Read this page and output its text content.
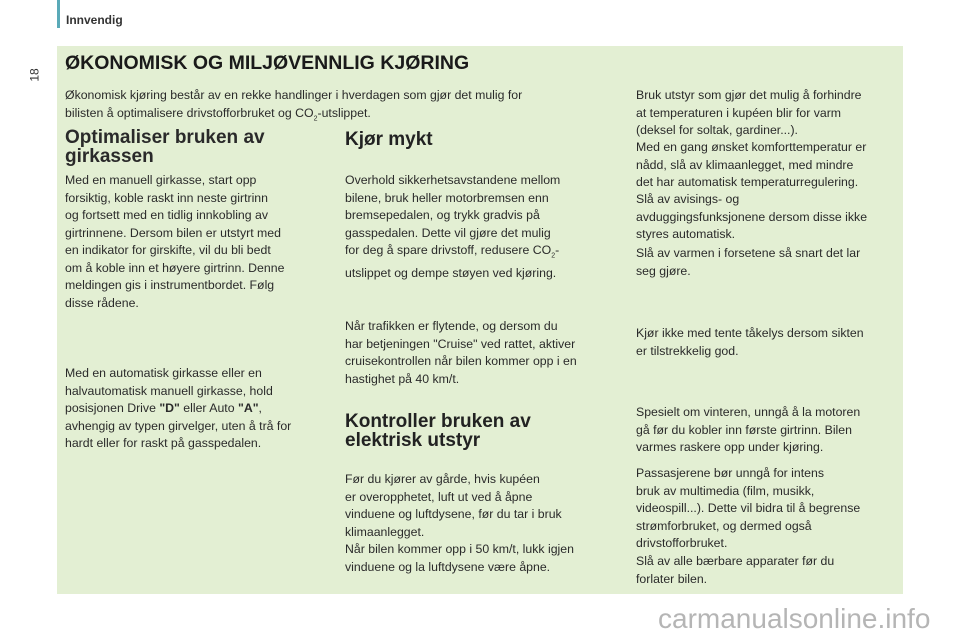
Innvendig
18
ØKONOMISK OG MILJØVENNLIG KJØRING
Økonomisk kjøring består av en rekke handlinger i hverdagen som gjør det mulig for
bilisten å optimalisere drivstofforbruket og $CO_2$-utslippet.
Optimaliser bruken av
girkassen
Med en manuell girkasse, start opp
forsiktig, koble raskt inn neste girtrinn
og fortsett med en tidlig innkobling av
girtrinnene. Dersom bilen er utstyrt med
en indikator for girskifte, vil du bli bedt
om å koble inn et høyere girtrinn. Denne
meldingen gis i instrumentbordet. Følg
disse rådene.
Med en automatisk girkasse eller en
halvautomatisk manuell girkasse, hold
posisjonen Drive "D" eller Auto "A",
avhengig av typen girvelger, uten å trå for
hardt eller for raskt på gasspedalen.
Kjør mykt
Overhold sikkerhetsavstandene mellom
bilene, bruk heller motorbremsen enn
bremsepedalen, og trykk gradvis på
gasspedalen. Dette vil gjøre det mulig
for deg å spare drivstoff, redusere $CO_2-$
utslippet og dempe støyen ved kjøring.
Når trafikken er flytende, og dersom du
har betjeningen "Cruise" ved rattet, aktiver
cruisekontrollen når bilen kommer opp i en
hastighet på 40 km/t.
Kontroller bruken av
elektrisk utstyr
Før du kjører av gårde, hvis kupéen
er overopphetet, luft ut ved å åpne
vinduene og luftdysene, før du tar i bruk
klimaanlegget.
Når bilen kommer opp i 50 km/t, lukk igjen
vinduene og la luftdysene være åpne.
Bruk utstyr som gjør det mulig å forhindre
at temperaturen i kupéen blir for varm
(deksel for soltak, gardiner...).
Med en gang ønsket komforttemperatur er
nådd, slå av klimaanlegget, med mindre
det har automatisk temperaturregulering.
Slå av avisings- og
avduggingsfunksjonene dersom disse ikke
styres automatisk.
Slå av varmen i forsetene så snart det lar
seg gjøre.
Kjør ikke med tente tåkelys dersom sikten
er tilstrekkelig god.
Spesielt om vinteren, unngå å la motoren
gå før du kobler inn første girtrinn. Bilen
varmes raskere opp under kjøring.
Passasjerene bør unngå for intens
bruk av multimedia (film, musikk,
videospill...). Dette vil bidra til å begrense
strømforbruket, og dermed også
drivstofforbruket.
Slå av alle bærbare apparater før du
forlater bilen.
carmanualsonline.info
